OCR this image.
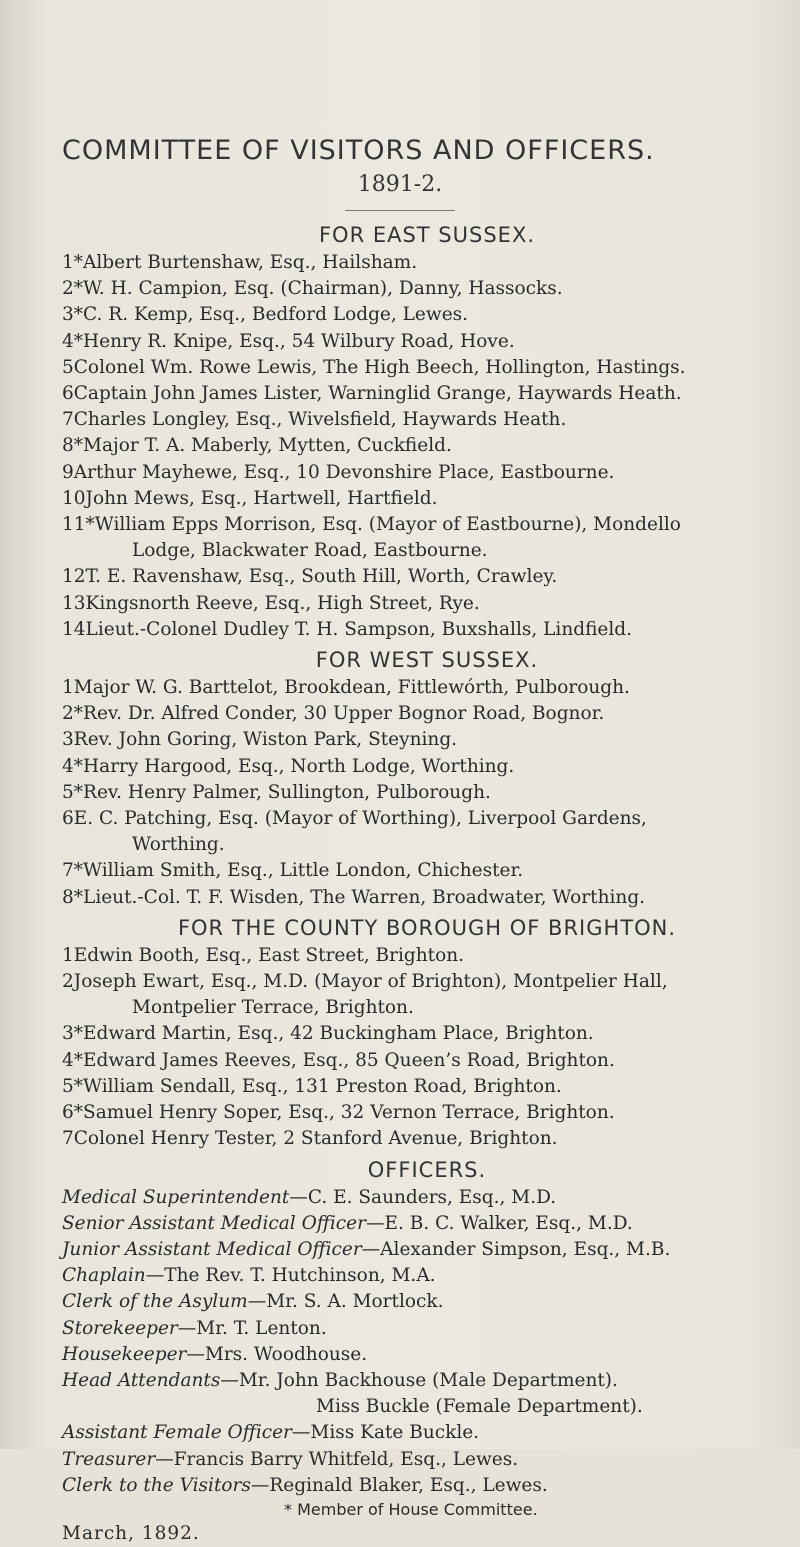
COMMITTEE OF VISITORS AND OFFICERS.
1891-2.
FOR EAST SUSSEX.
1*Albert Burtenshaw, Esq., Hailsham.
2*W. H. Campion, Esq. (Chairman), Danny, Hassocks.
3*C. R. Kemp, Esq., Bedford Lodge, Lewes.
4*Henry R. Knipe, Esq., 54 Wilbury Road, Hove.
5Colonel Wm. Rowe Lewis, The High Beech, Hollington, Hastings.
6Captain John James Lister, Warninglid Grange, Haywards Heath.
7Charles Longley, Esq., Wivelsfield, Haywards Heath.
8*Major T. A. Maberly, Mytten, Cuckfield.
9Arthur Mayhewe, Esq., 10 Devonshire Place, Eastbourne.
10John Mews, Esq., Hartwell, Hartfield.
11*William Epps Morrison, Esq. (Mayor of Eastbourne), Mondello
Lodge, Blackwater Road, Eastbourne.
12T. E. Ravenshaw, Esq., South Hill, Worth, Crawley.
13Kingsnorth Reeve, Esq., High Street, Rye.
14Lieut.-Colonel Dudley T. H. Sampson, Buxshalls, Lindfield.
FOR WEST SUSSEX.
1Major W. G. Barttelot, Brookdean, Fittlewórth, Pulborough.
2*Rev. Dr. Alfred Conder, 30 Upper Bognor Road, Bognor.
3Rev. John Goring, Wiston Park, Steyning.
4*Harry Hargood, Esq., North Lodge, Worthing.
5*Rev. Henry Palmer, Sullington, Pulborough.
6E. C. Patching, Esq. (Mayor of Worthing), Liverpool Gardens,
Worthing.
7*William Smith, Esq., Little London, Chichester.
8*Lieut.-Col. T. F. Wisden, The Warren, Broadwater, Worthing.
FOR THE COUNTY BOROUGH OF BRIGHTON.
1Edwin Booth, Esq., East Street, Brighton.
2Joseph Ewart, Esq., M.D. (Mayor of Brighton), Montpelier Hall,
Montpelier Terrace, Brighton.
3*Edward Martin, Esq., 42 Buckingham Place, Brighton.
4*Edward James Reeves, Esq., 85 Queen’s Road, Brighton.
5*William Sendall, Esq., 131 Preston Road, Brighton.
6*Samuel Henry Soper, Esq., 32 Vernon Terrace, Brighton.
7Colonel Henry Tester, 2 Stanford Avenue, Brighton.
OFFICERS.
Medical Superintendent—C. E. Saunders, Esq., M.D.
Senior Assistant Medical Officer—E. B. C. Walker, Esq., M.D.
Junior Assistant Medical Officer—Alexander Simpson, Esq., M.B.
Chaplain—The Rev. T. Hutchinson, M.A.
Clerk of the Asylum—Mr. S. A. Mortlock.
Storekeeper—Mr. T. Lenton.
Housekeeper—Mrs. Woodhouse.
Head Attendants—Mr. John Backhouse (Male Department).
Miss Buckle (Female Department).
Assistant Female Officer—Miss Kate Buckle.
Treasurer—Francis Barry Whitfeld, Esq., Lewes.
Clerk to the Visitors—Reginald Blaker, Esq., Lewes.
* Member of House Committee.
March, 1892.
